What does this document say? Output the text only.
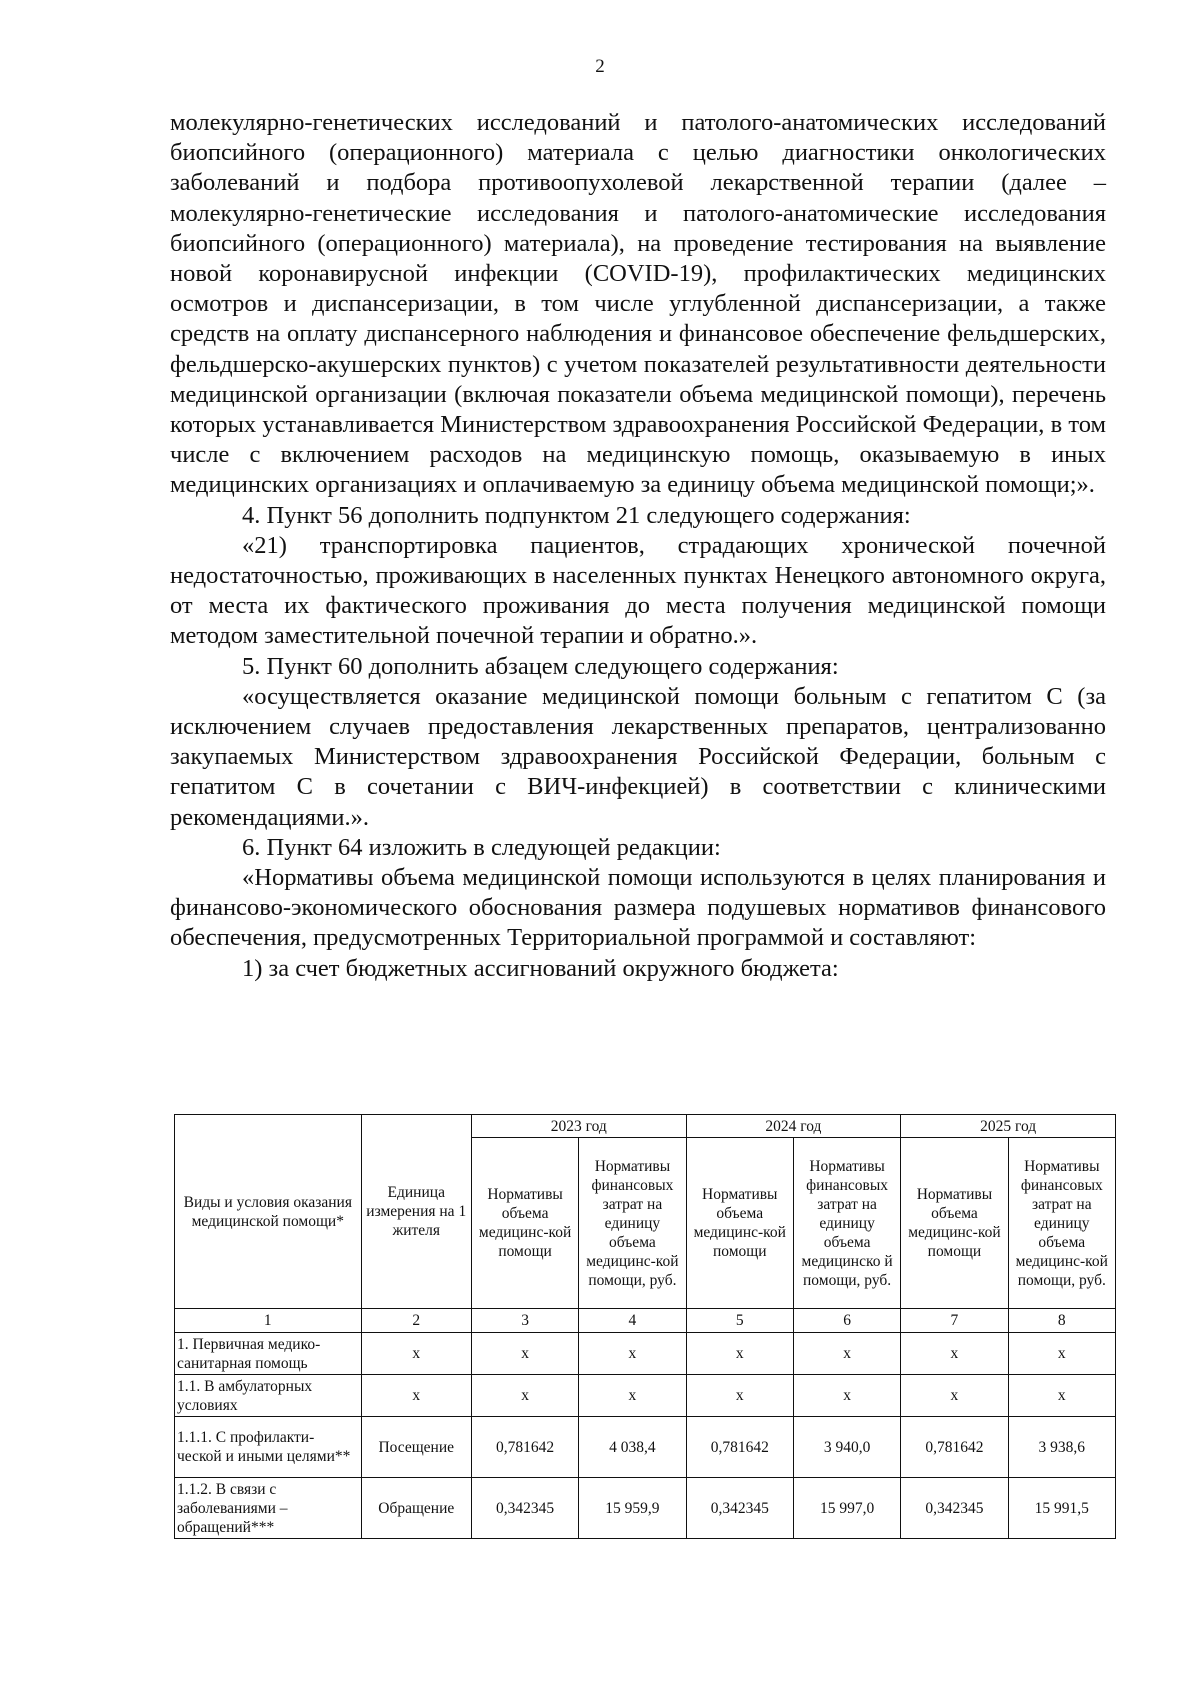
2

молекулярно-генетических исследований и патолого-анатомических исследований биопсийного (операционного) материала с целью диагностики онкологических заболеваний и подбора противоопухолевой лекарственной терапии (далее – молекулярно-генетические исследования и патолого-анатомические исследования биопсийного (операционного) материала), на проведение тестирования на выявление новой коронавирусной инфекции (COVID-19), профилактических медицинских осмотров и диспансеризации, в том числе углубленной диспансеризации, а также средств на оплату диспансерного наблюдения и финансовое обеспечение фельдшерских, фельдшерско-акушерских пунктов) с учетом показателей результативности деятельности медицинской организации (включая показатели объема медицинской помощи), перечень которых устанавливается Министерством здравоохранения Российской Федерации, в том числе с включением расходов на медицинскую помощь, оказываемую в иных медицинских организациях и оплачиваемую за единицу объема медицинской помощи;».

4. Пункт 56 дополнить подпунктом 21 следующего содержания:

«21) транспортировка пациентов, страдающих хронической почечной недостаточностью, проживающих в населенных пунктах Ненецкого автономного округа, от места их фактического проживания до места получения медицинской помощи методом заместительной почечной терапии и обратно.».

5. Пункт 60 дополнить абзацем следующего содержания:

«осуществляется оказание медицинской помощи больным с гепатитом С (за исключением случаев предоставления лекарственных препаратов, централизованно закупаемых Министерством здравоохранения Российской Федерации, больным с гепатитом С в сочетании с ВИЧ-инфекцией) в соответствии с клиническими рекомендациями.».

6. Пункт 64 изложить в следующей редакции:

«Нормативы объема медицинской помощи используются в целях планирования и финансово-экономического обоснования размера подушевых нормативов финансового обеспечения, предусмотренных Территориальной программой и составляют:

1) за счет бюджетных ассигнований окружного бюджета:

Виды и условия оказания медицинской помощи*	Единица измерения на 1 жителя	2023 год		2024 год		2025 год	
		Нормативы объема медицинс-кой помощи	Нормативы финансовых затрат на единицу объема медицинс-кой помощи, руб.	Нормативы объема медицинс-кой помощи	Нормативы финансовых затрат на единицу объема медицинско й помощи, руб.	Нормативы объема медицинс-кой помощи	Нормативы финансовых затрат на единицу объема медицинс-кой помощи, руб.
1	2	3	4	5	6	7	8
1. Первичная медико-санитарная помощь	х	х	х	х	х	х	х
1.1. В амбулаторных условиях	х	х	х	х	х	х	х
1.1.1. С профилакти-ческой и иными целями**	Посещение	0,781642	4 038,4	0,781642	3 940,0	0,781642	3 938,6
1.1.2. В связи с заболеваниями – обращений***	Обращение	0,342345	15 959,9	0,342345	15 997,0	0,342345	15 991,5
